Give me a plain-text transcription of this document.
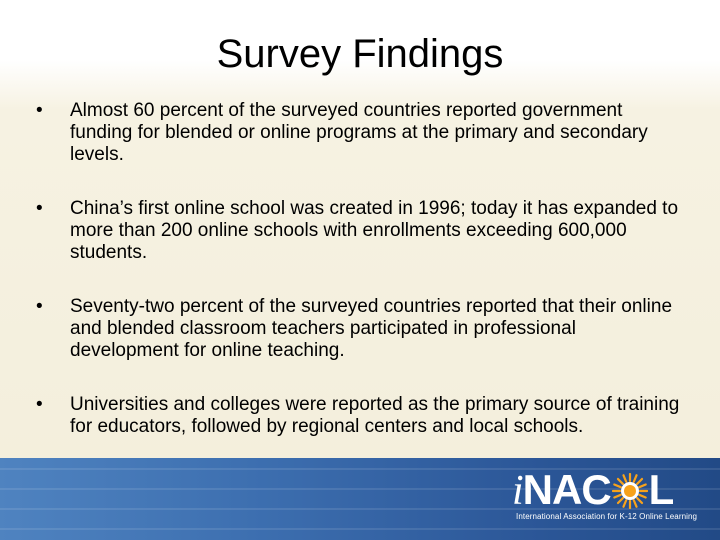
Survey Findings
•	Almost 60 percent of the surveyed countries reported government funding for blended or online programs at the primary and secondary levels.
•	China’s first online school was created in 1996; today it has expanded to more than 200 online schools with enrollments exceeding 600,000 students.
•	Seventy-two percent of the surveyed countries reported that their online and blended classroom teachers participated in professional development for online teaching.
•	Universities and colleges were reported as the primary source of training for educators, followed by regional centers and local schools.
iNAC L
International Association for K-12 Online Learning
